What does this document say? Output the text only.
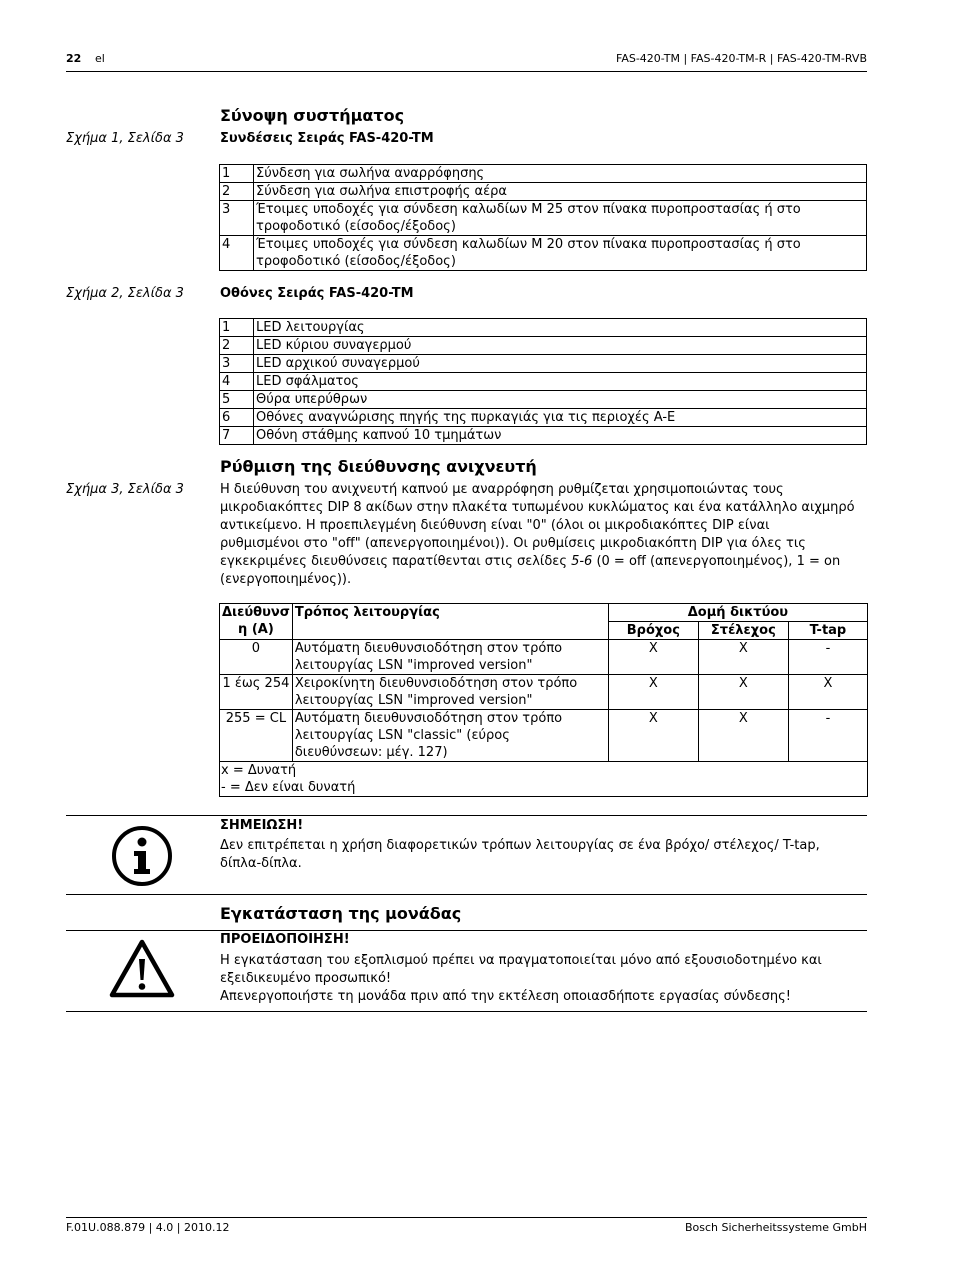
22 el	FAS-420-TM | FAS-420-TM-R | FAS-420-TM-RVB
Σύνοψη συστήματος
Σχήμα 1, Σελίδα 3	Συνδέσεις Σειράς FAS-420-TM
1	Σύνδεση για σωλήνα αναρρόφησης
2	Σύνδεση για σωλήνα επιστροφής αέρα
3	Έτοιμες υποδοχές για σύνδεση καλωδίων M 25 στον πίνακα πυροπροστασίας ή στο
τροφοδοτικό (είσοδος/έξοδος)

4	Έτοιμες υποδοχές για σύνδεση καλωδίων M 20 στον πίνακα πυροπροστασίας ή στο
τροφοδοτικό (είσοδος/έξοδος)
Σχήμα 2, Σελίδα 3	Οθόνες Σειράς FAS-420-TM
1	LED λειτουργίας
2	LED κύριου συναγερμού
3	LED αρχικού συναγερμού
4	LED σφάλματος
5	Θύρα υπερύθρων
6	Οθόνες αναγνώρισης πηγής της πυρκαγιάς για τις περιοχές A-E
7	Οθόνη στάθμης καπνού 10 τμημάτων
Ρύθμιση της διεύθυνσης ανιχνευτή
Σχήμα 3, Σελίδα 3	Η διεύθυνση του ανιχνευτή καπνού με αναρρόφηση ρυθμίζεται χρησιμοποιώντας τους
μικροδιακόπτες DIP 8 ακίδων στην πλακέτα τυπωμένου κυκλώματος και ένα κατάλληλο αιχμηρό
αντικείμενο. Η προεπιλεγμένη διεύθυνση είναι "0" (όλοι οι μικροδιακόπτες DIP είναι
ρυθμισμένοι στο "off" (απενεργοποιημένοι)). Οι ρυθμίσεις μικροδιακόπτη DIP για όλες τις
εγκεκριμένες διευθύνσεις παρατίθενται στις σελίδες 5-6 (0 = off (απενεργοποιημένος), 1 = on
(ενεργοποιημένος)).
Διεύθυνσ
η (A)	Τρόπος λειτουργίας	Δομή δικτύου		
		Βρόχος	Στέλεχος	T-tap
0	Αυτόματη διευθυνσιοδότηση στον τρόπο
λειτουργίας LSN "improved version"	X	X	-
1 έως 254	Χειροκίνητη διευθυνσιοδότηση στον τρόπο
λειτουργίας LSN "improved version"	X	X	X
255 = CL	Αυτόματη διευθυνσιοδότηση στον τρόπο
λειτουργίας LSN "classic" (εύρος
διευθύνσεων: μέγ. 127)	X	X	-

x = Δυνατή
- = Δεν είναι δυνατή				
ΣΗΜΕΙΩΣΗ!
Δεν επιτρέπεται η χρήση διαφορετικών τρόπων λειτουργίας σε ένα βρόχο/ στέλεχος/ T-tap,
δίπλα-δίπλα.
Εγκατάσταση της μονάδας
ΠΡΟΕΙΔΟΠΟΙΗΣΗ!
Η εγκατάσταση του εξοπλισμού πρέπει να πραγματοποιείται μόνο από εξουσιοδοτημένο και
εξειδικευμένο προσωπικό!
Απενεργοποιήστε τη μονάδα πριν από την εκτέλεση οποιασδήποτε εργασίας σύνδεσης!
F.01U.088.879 | 4.0 | 2010.12	Bosch Sicherheitssysteme GmbH
